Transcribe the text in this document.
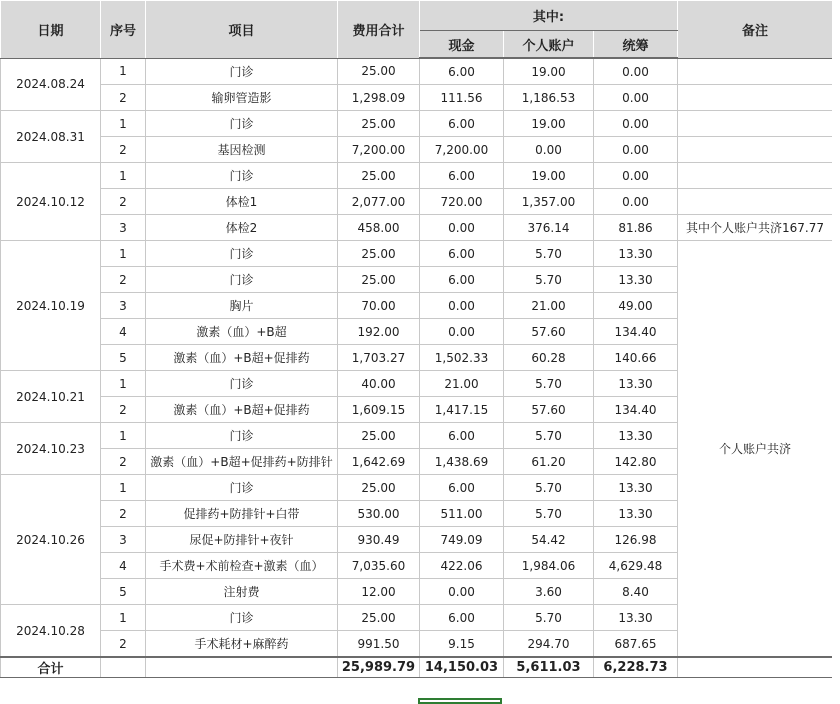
日期	序号	项目	费用合计	其中:			备注
				现金	个人账户	统筹	
2024.08.24	1	门诊	25.00	6.00	19.00	0.00	
	2	输卵管造影	1,298.09	111.56	1,186.53	0.00	
2024.08.31	1	门诊	25.00	6.00	19.00	0.00	
	2	基因检测	7,200.00	7,200.00	0.00	0.00	
2024.10.12	1	门诊	25.00	6.00	19.00	0.00	
	2	体检1	2,077.00	720.00	1,357.00	0.00	
	3	体检2	458.00	0.00	376.14	81.86	其中个人账户共济167.77
2024.10.19	1	门诊	25.00	6.00	5.70	13.30	个人账户共济
	2	门诊	25.00	6.00	5.70	13.30	
	3	胸片	70.00	0.00	21.00	49.00	
	4	激素（血）+B超	192.00	0.00	57.60	134.40	
	5	激素（血）+B超+促排药	1,703.27	1,502.33	60.28	140.66	
2024.10.21	1	门诊	40.00	21.00	5.70	13.30	
	2	激素（血）+B超+促排药	1,609.15	1,417.15	57.60	134.40	
2024.10.23	1	门诊	25.00	6.00	5.70	13.30	
	2	激素（血）+B超+促排药+防排针	1,642.69	1,438.69	61.20	142.80	
2024.10.26	1	门诊	25.00	6.00	5.70	13.30	
	2	促排药+防排针+白带	530.00	511.00	5.70	13.30	
	3	尿促+防排针+夜针	930.49	749.09	54.42	126.98	
	4	手术费+术前检查+激素（血）	7,035.60	422.06	1,984.06	4,629.48	
	5	注射费	12.00	0.00	3.60	8.40	
2024.10.28	1	门诊	25.00	6.00	5.70	13.30	
	2	手术耗材+麻醉药	991.50	9.15	294.70	687.65	
合计			25,989.79	14,150.03	5,611.03	6,228.73	
